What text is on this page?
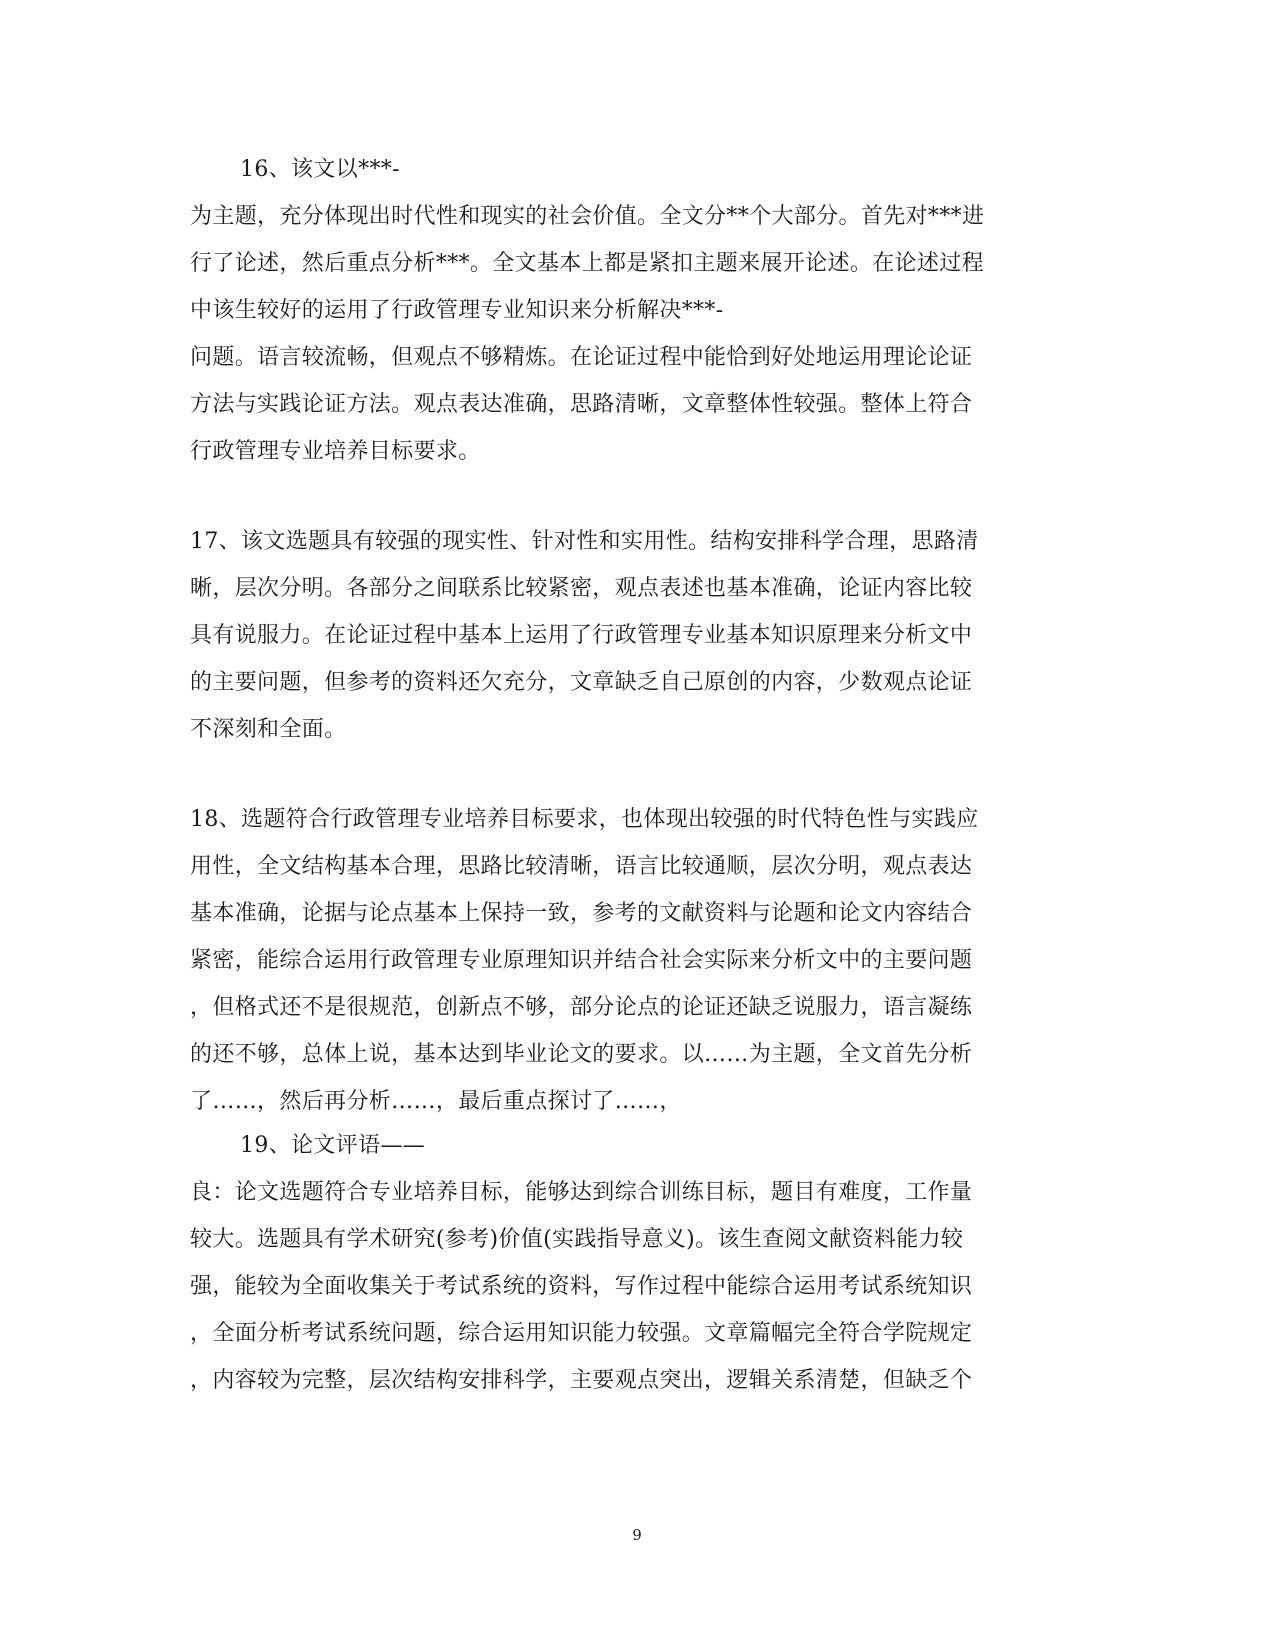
16、该文以***-
为主题，充分体现出时代性和现实的社会价值。全文分**个大部分。首先对***进
行了论述，然后重点分析***。全文基本上都是紧扣主题来展开论述。在论述过程
中该生较好的运用了行政管理专业知识来分析解决***-
问题。语言较流畅，但观点不够精炼。在论证过程中能恰到好处地运用理论论证
方法与实践论证方法。观点表达准确，思路清晰，文章整体性较强。整体上符合
行政管理专业培养目标要求。
17、该文选题具有较强的现实性、针对性和实用性。结构安排科学合理，思路清
晰，层次分明。各部分之间联系比较紧密，观点表述也基本准确，论证内容比较
具有说服力。在论证过程中基本上运用了行政管理专业基本知识原理来分析文中
的主要问题，但参考的资料还欠充分，文章缺乏自己原创的内容，少数观点论证
不深刻和全面。
18、选题符合行政管理专业培养目标要求，也体现出较强的时代特色性与实践应
用性，全文结构基本合理，思路比较清晰，语言比较通顺，层次分明，观点表达
基本准确，论据与论点基本上保持一致，参考的文献资料与论题和论文内容结合
紧密，能综合运用行政管理专业原理知识并结合社会实际来分析文中的主要问题
，但格式还不是很规范，创新点不够，部分论点的论证还缺乏说服力，语言凝练
的还不够，总体上说，基本达到毕业论文的要求。以……为主题，全文首先分析
了……，然后再分析……，最后重点探讨了……，
19、论文评语——
良：论文选题符合专业培养目标，能够达到综合训练目标，题目有难度，工作量
较大。选题具有学术研究(参考)价值(实践指导意义)。该生查阅文献资料能力较
强，能较为全面收集关于考试系统的资料，写作过程中能综合运用考试系统知识
，全面分析考试系统问题，综合运用知识能力较强。文章篇幅完全符合学院规定
，内容较为完整，层次结构安排科学，主要观点突出，逻辑关系清楚，但缺乏个
9
